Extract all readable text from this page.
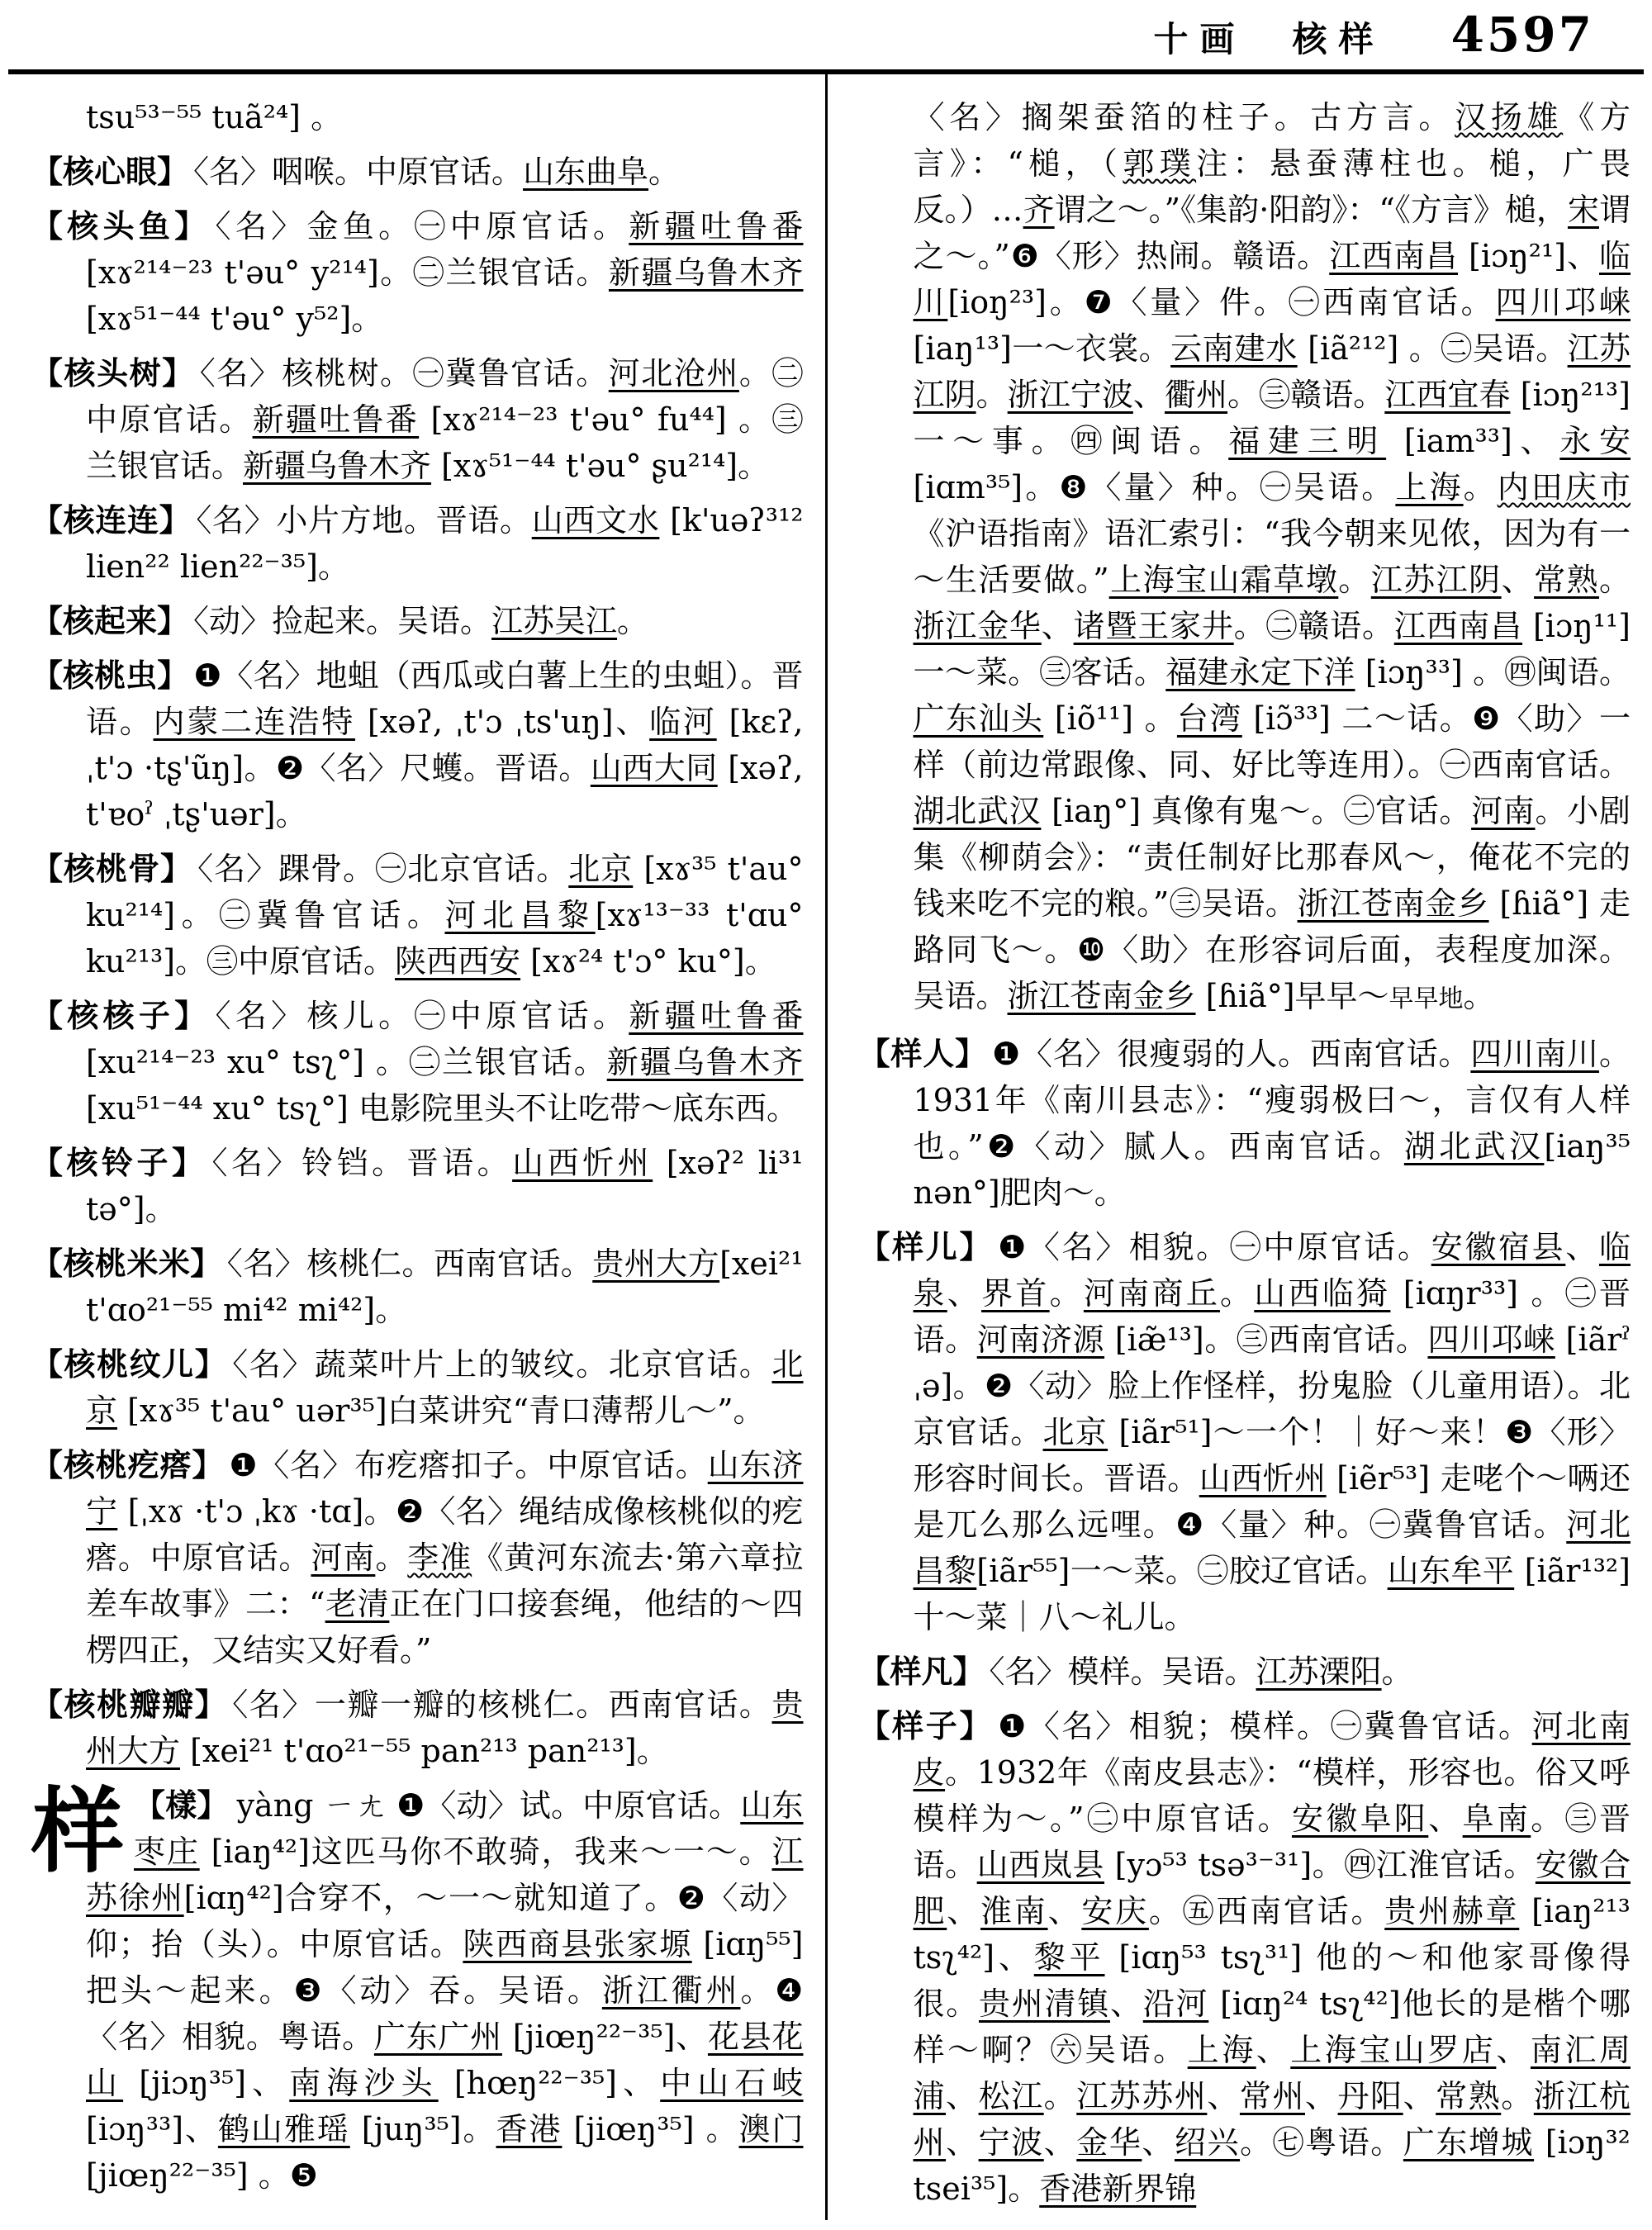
十画　核样 4597

tsu⁵³⁻⁵⁵ tuã²⁴] 。

【核心眼】 〈名〉咽喉。中原官话。山东曲阜。

【核头鱼】 〈名〉金鱼。㊀中原官话。新疆吐鲁番 [xɤ²¹⁴⁻²³ t'əu° y²¹⁴]。㊁兰银官话。新疆乌鲁木齐 [xɤ⁵¹⁻⁴⁴ t'əu° y⁵²]。

【核头树】 〈名〉核桃树。㊀冀鲁官话。河北沧州。㊁中原官话。新疆吐鲁番 [xɤ²¹⁴⁻²³ t'əu° fu⁴⁴] 。㊂兰银官话。新疆乌鲁木齐 [xɤ⁵¹⁻⁴⁴ t'əu° ʂu²¹⁴]。

【核连连】 〈名〉小片方地。晋语。山西文水 [k'uəʔ³¹² lien²² lien²²⁻³⁵]。

【核起来】 〈动〉捡起来。吴语。江苏吴江。

【核桃虫】 ❶〈名〉地蛆（西瓜或白薯上生的虫蛆）。晋语。内蒙二连浩特 [xəʔ, ˌt'ɔ ˌts'uŋ]、临河 [kɛʔ, ˌt'ɔ ·tʂ'ũŋ]。❷〈名〉尺蠖。晋语。山西大同 [xəʔ, t'ɐoˀ ˌtʂ'uər]。

【核桃骨】 〈名〉踝骨。㊀北京官话。北京 [xɤ³⁵ t'au° ku²¹⁴]。㊁冀鲁官话。河北昌黎[xɤ¹³⁻³³ t'ɑu° ku²¹³]。㊂中原官话。陕西西安 [xɤ²⁴ t'ɔ° ku°]。

【核核子】 〈名〉核儿。㊀中原官话。新疆吐鲁番 [xu²¹⁴⁻²³ xu° tsʅ°] 。㊁兰银官话。新疆乌鲁木齐 [xu⁵¹⁻⁴⁴ xu° tsʅ°] 电影院里头不让吃带～底东西。

【核铃子】 〈名〉铃铛。晋语。山西忻州 [xəʔ² li³¹ tə°]。

【核桃米米】 〈名〉核桃仁。西南官话。贵州大方[xei²¹ t'ɑo²¹⁻⁵⁵ mi⁴² mi⁴²]。

【核桃纹儿】 〈名〉蔬菜叶片上的皱纹。北京官话。北京 [xɤ³⁵ t'au° uər³⁵]白菜讲究“青口薄帮儿～”。

【核桃疙瘩】 ❶〈名〉布疙瘩扣子。中原官话。山东济宁 [ˌxɤ ·t'ɔ ˌkɤ ·tɑ]。❷〈名〉绳结成像核桃似的疙瘩。中原官话。河南。李准《黄河东流去·第六章拉差车故事》二：“老清正在门口接套绳，他结的～四楞四正，又结实又好看。”

【核桃瓣瓣】 〈名〉一瓣一瓣的核桃仁。西南官话。贵州大方 [xei²¹ t'ɑo²¹⁻⁵⁵ pan²¹³ pan²¹³]。

样 【樣】 yàng ㄧㄤ ❶〈动〉试。中原官话。山东枣庄 [iaŋ⁴²]这匹马你不敢骑，我来～一～。江苏徐州[iɑŋ⁴²]合穿不，～一～就知道了。❷〈动〉仰；抬（头）。中原官话。陕西商县张家塬 [iɑŋ⁵⁵]把头～起来。❸〈动〉吞。吴语。浙江衢州。❹〈名〉相貌。粤语。广东广州 [jiœŋ²²⁻³⁵]、花县花山 [jiɔŋ³⁵]、南海沙头 [hœŋ²²⁻³⁵]、中山石岐[iɔŋ³³]、鹤山雅瑶 [juŋ³⁵]。香港 [jiœŋ³⁵] 。澳门 [jiœŋ²²⁻³⁵] 。❺

〈名〉搁架蚕箔的柱子。古方言。汉扬雄《方言》：“槌，（郭璞注：悬蚕薄柱也。槌，广畏反。）…齐谓之～。”《集韵·阳韵》：“《方言》槌，宋谓之～。”❻〈形〉热闹。赣语。江西南昌 [iɔŋ²¹]、临川[ioŋ²³]。❼〈量〉件。㊀西南官话。四川邛崃 [iaŋ¹³]一～衣裳。云南建水 [iã²¹²] 。㊁吴语。江苏江阴。浙江宁波、衢州。㊂赣语。江西宜春 [iɔŋ²¹³] 一～事。㊃闽语。福建三明 [iam³³]、永安 [iɑm³⁵]。❽〈量〉种。㊀吴语。上海。内田庆市《沪语指南》语汇索引：“我今朝来见侬，因为有一～生活要做。”上海宝山霜草墩。江苏江阴、常熟。浙江金华、诸暨王家井。㊁赣语。江西南昌 [iɔŋ¹¹] 一～菜。㊂客话。福建永定下洋 [iɔŋ³³] 。㊃闽语。广东汕头 [iõ¹¹] 。台湾 [iɔ̃³³] 二～话。❾〈助〉一样（前边常跟像、同、好比等连用）。㊀西南官话。湖北武汉 [iaŋ°] 真像有鬼～。㊁官话。河南。小剧集《柳荫会》：“责任制好比那春风～，俺花不完的钱来吃不完的粮。”㊂吴语。浙江苍南金乡 [ɦiã°] 走路同飞～。❿〈助〉在形容词后面，表程度加深。吴语。浙江苍南金乡 [ɦiã°]早早～早早地。

【样人】 ❶〈名〉很瘦弱的人。西南官话。四川南川。1931年《南川县志》：“瘦弱极曰～，言仅有人样也。”❷〈动〉腻人。西南官话。湖北武汉[iaŋ³⁵ nən°]肥肉～。

【样儿】 ❶〈名〉相貌。㊀中原官话。安徽宿县、临泉、界首。河南商丘。山西临猗 [iɑŋr³³] 。㊁晋语。河南济源 [iæ̃¹³]。㊂西南官话。四川邛崃 [iãrˀ ˌə]。❷〈动〉脸上作怪样，扮鬼脸（儿童用语）。北京官话。北京 [iãr⁵¹]～一个！｜好～来！❸〈形〉形容时间长。晋语。山西忻州 [iẽr⁵³] 走咾个～唡还是兀么那么远哩。❹〈量〉种。㊀冀鲁官话。河北昌黎[iãr⁵⁵]一～菜。㊁胶辽官话。山东牟平 [iãr¹³²] 十～菜｜八～礼儿。

【样凡】 〈名〉模样。吴语。江苏溧阳。

【样子】 ❶〈名〉相貌；模样。㊀冀鲁官话。河北南皮。1932年《南皮县志》：“模样，形容也。俗又呼模样为～。”㊁中原官话。安徽阜阳、阜南。㊂晋语。山西岚县 [yɔ⁵³ tsə³⁻³¹]。㊃江淮官话。安徽合肥、淮南、安庆。㊄西南官话。贵州赫章 [iaŋ²¹³ tsʅ⁴²]、黎平 [iɑŋ⁵³ tsʅ³¹] 他的～和他家哥像得很。贵州清镇、沿河 [iɑŋ²⁴ tsʅ⁴²]他长的是楷个哪样～啊？㊅吴语。上海、上海宝山罗店、南汇周浦、松江。江苏苏州、常州、丹阳、常熟。浙江杭州、宁波、金华、绍兴。㊆粤语。广东增城 [iɔŋ³² tsei³⁵]。香港新界锦
